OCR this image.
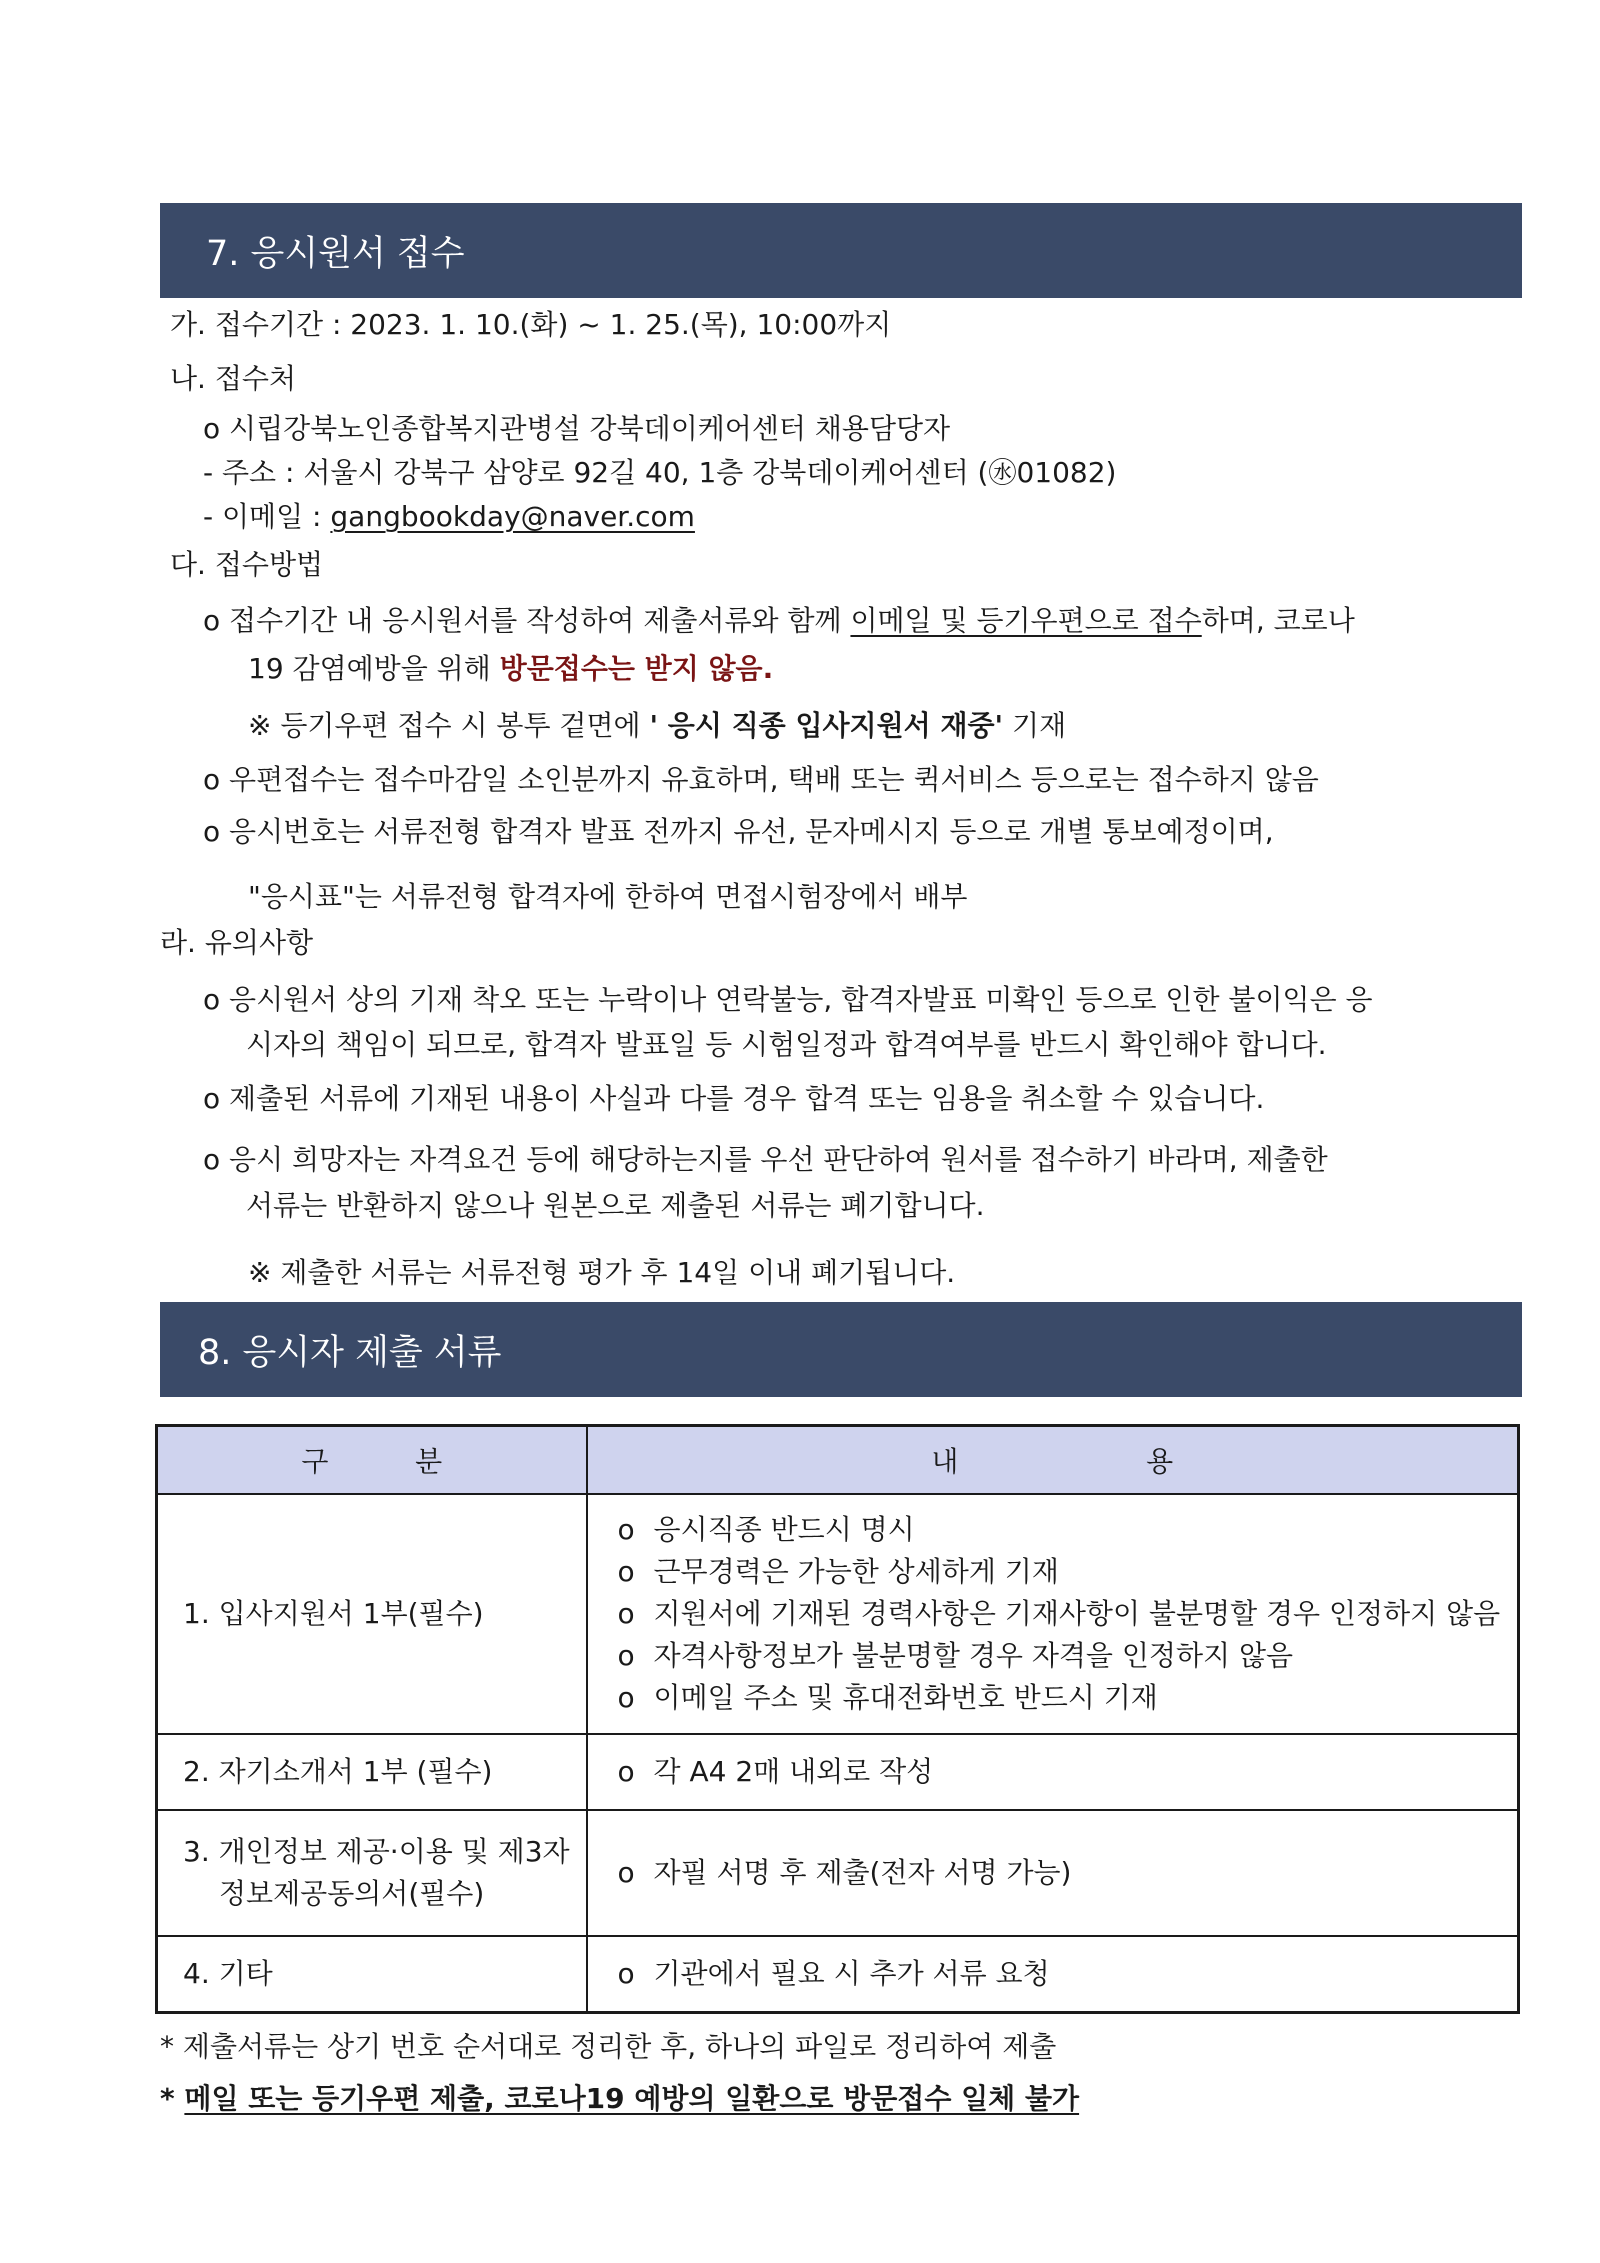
7. 응시원서 접수
가. 접수기간 : 2023. 1. 10.(화) ~ 1. 25.(목), 10:00까지
나. 접수처
o 시립강북노인종합복지관병설 강북데이케어센터 채용담당자
- 주소 : 서울시 강북구 삼양로 92길 40, 1층 강북데이케어센터 (㊌01082)
- 이메일 : gangbookday@naver.com
다. 접수방법
o 접수기간 내 응시원서를 작성하여 제출서류와 함께 이메일 및 등기우편으로 접수하며, 코로나
19 감염예방을 위해 방문접수는 받지 않음.
※ 등기우편 접수 시 봉투 겉면에 ' 응시 직종 입사지원서 재중' 기재
o 우편접수는 접수마감일 소인분까지 유효하며, 택배 또는 퀵서비스 등으로는 접수하지 않음
o 응시번호는 서류전형 합격자 발표 전까지 유선, 문자메시지 등으로 개별 통보예정이며,
"응시표"는 서류전형 합격자에 한하여 면접시험장에서 배부
라. 유의사항
o 응시원서 상의 기재 착오 또는 누락이나 연락불능, 합격자발표 미확인 등으로 인한 불이익은 응
시자의 책임이 되므로, 합격자 발표일 등 시험일정과 합격여부를 반드시 확인해야 합니다.
o 제출된 서류에 기재된 내용이 사실과 다를 경우 합격 또는 임용을 취소할 수 있습니다.
o 응시 희망자는 자격요건 등에 해당하는지를 우선 판단하여 원서를 접수하기 바라며, 제출한
서류는 반환하지 않으나 원본으로 제출된 서류는 폐기합니다.
※ 제출한 서류는 서류전형 평가 후 14일 이내 폐기됩니다.
8. 응시자 제출 서류
구 분	내 용

1. 입사지원서 1부(필수)	o 응시직종 반드시 명시
o 근무경력은 가능한 상세하게 기재
o 지원서에 기재된 경력사항은 기재사항이 불분명할 경우 인정하지 않음
o 자격사항정보가 불분명할 경우 자격을 인정하지 않음
o 이메일 주소 및 휴대전화번호 반드시 기재

2. 자기소개서 1부 (필수)	o 각 A4 2매 내외로 작성

3. 개인정보 제공·이용 및 제3자
정보제공동의서(필수)	o 자필 서명 후 제출(전자 서명 가능)

4. 기타	o 기관에서 필요 시 추가 서류 요청
* 제출서류는 상기 번호 순서대로 정리한 후, 하나의 파일로 정리하여 제출
* 메일 또는 등기우편 제출, 코로나19 예방의 일환으로 방문접수 일체 불가
